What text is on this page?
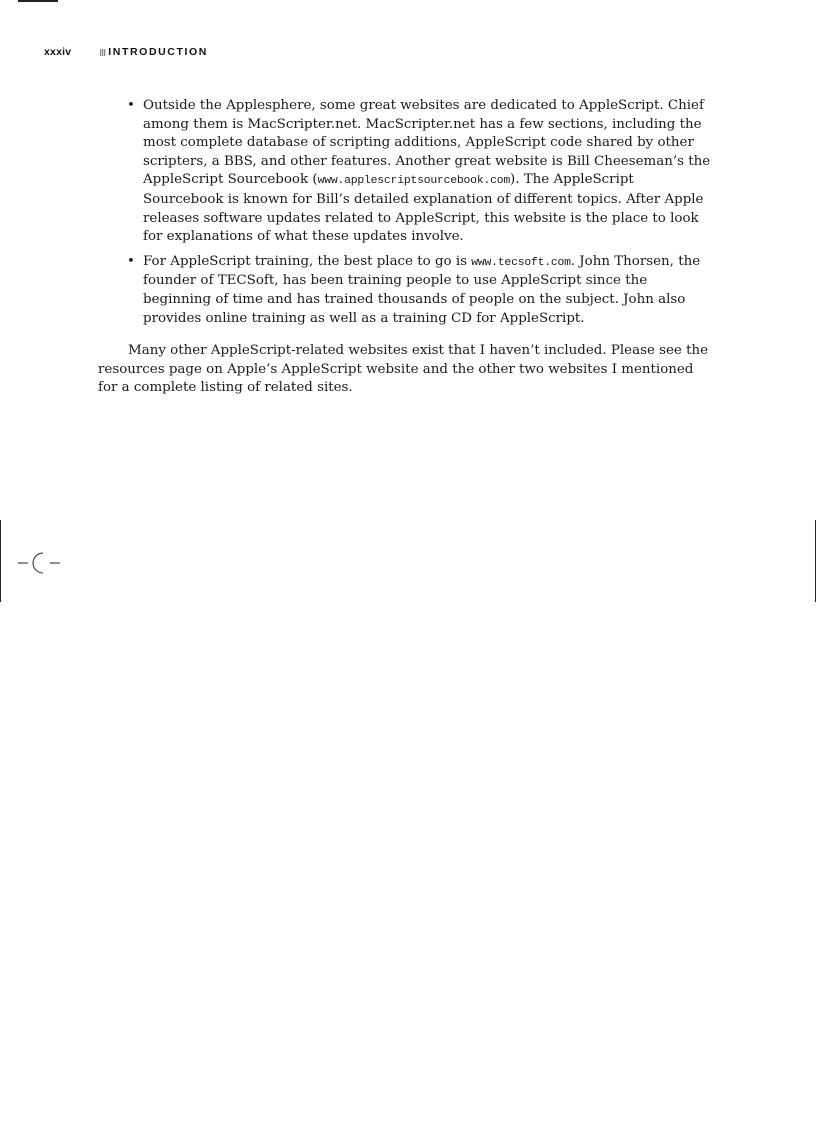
xxxiv	INTRODUCTION
• Outside the Applesphere, some great websites are dedicated to AppleScript. Chief among them is MacScripter.net. MacScripter.net has a few sections, including the most complete database of scripting additions, AppleScript code shared by other scripters, a BBS, and other features. Another great website is Bill Cheeseman’s the AppleScript Sourcebook (www.applescriptsourcebook.com). The AppleScript Sourcebook is known for Bill’s detailed explanation of different topics. After Apple releases software updates related to AppleScript, this website is the place to look for explanations of what these updates involve.
• For AppleScript training, the best place to go is www.tecsoft.com. John Thorsen, the founder of TECSoft, has been training people to use AppleScript since the beginning of time and has trained thousands of people on the subject. John also provides online training as well as a training CD for AppleScript.

Many other AppleScript-related websites exist that I haven’t included. Please see the resources page on Apple’s AppleScript website and the other two websites I mentioned for a complete listing of related sites.
